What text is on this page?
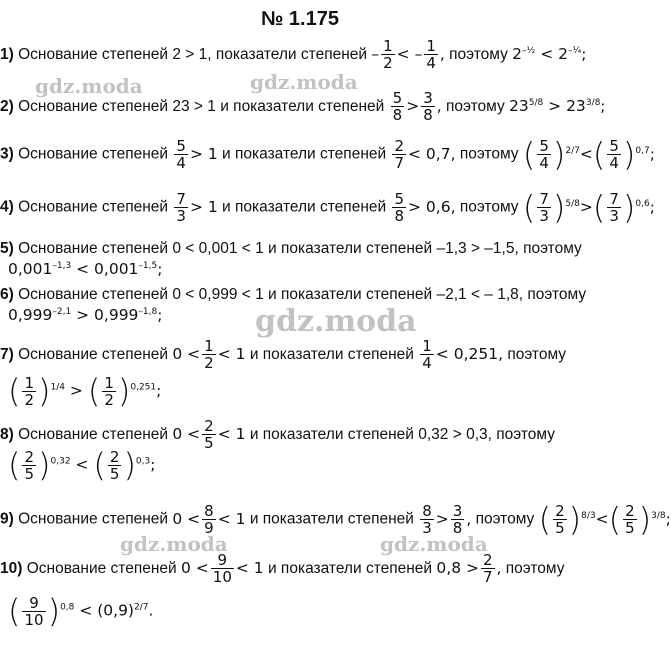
№ 1.175
1) Основание степеней 2 > 1, показатели степеней – $\frac{1}{2}$ < – $\frac{1}{4}$ , поэтому $2^{-\frac{1}{2}} < 2^{-\frac{1}{4}}$;
2) Основание степеней 23 > 1 и показатели степеней $\frac{5}{8} > \frac{3}{8}$ , поэтому $23^{5/8} > 23^{3/8}$;
3) Основание степеней $\frac{5}{4} > 1$ и показатели степеней $\frac{2}{7} < 0,7$, поэтому ( $\frac{5}{4} )^{2/7}<( \frac{5}{4} )^{0,7}$;
4) Основание степеней $\frac{7}{3} > 1$ и показатели степеней $\frac{5}{8} > 0,6$, поэтому ( $\frac{7}{3} )^{5/8}>( \frac{7}{3} )^{0,6}$;
5) Основание степеней 0 < 0,001 < 1 и показатели степеней –1,3 > –1,5, поэтому
$0,001^{-1,3} < 0,001^{-1,5}$;
6) Основание степеней 0 < 0,999 < 1 и показатели степеней –2,1 < – 1,8, поэтому
$0,999^{-2,1} > 0,999^{-1,8}$;
7) Основание степеней $0 < \frac{1}{2} < 1$ и показатели степеней $\frac{1}{4} < 0,251$, поэтому
( $\frac{1}{2} )^{1/4}$ > ( $\frac{1}{2} )^{0,251}$;
8) Основание степеней $0 < \frac{2}{5} < 1$ и показатели степеней 0,32 > 0,3, поэтому
( $\frac{2}{5} )^{0,32}$ < ( $\frac{2}{5} )^{0,3}$;
9) Основание степеней $0 < \frac{8}{9} < 1$ и показатели степеней $\frac{8}{3} > \frac{3}{8}$ , поэтому ( $\frac{2}{5} )^{8/3}<( \frac{2}{5} )^{3/8}$;
10) Основание степеней $0 < \frac{9}{10} < 1$ и показатели степеней $0,8 > \frac{2}{7}$ , поэтому
( $\frac{9}{10} )^{0,8} < (0,9)^{2/7}$.
gdz.moda	gdz.moda
gdz.moda
gdz.moda	gdz.moda
